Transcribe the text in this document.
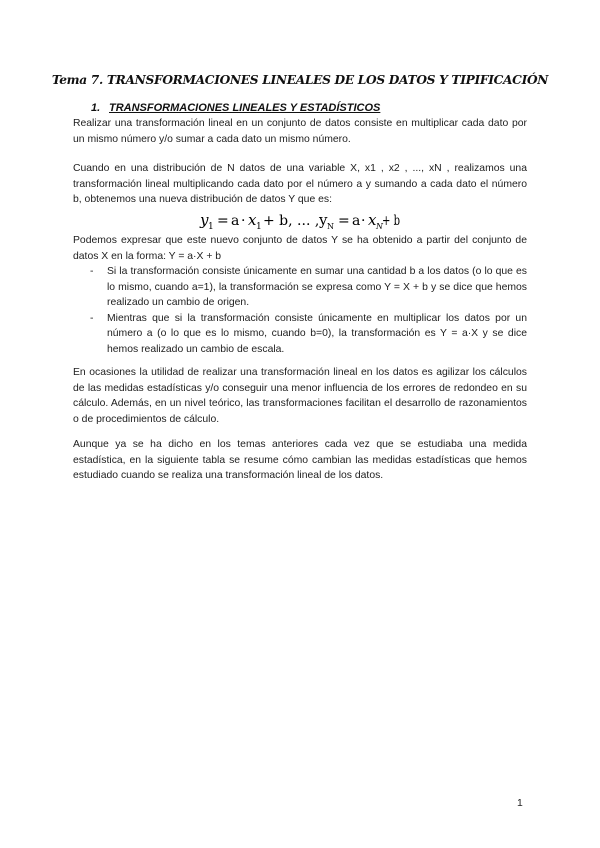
Tema 7. TRANSFORMACIONES LINEALES DE LOS DATOS Y TIPIFICACIÓN
1. TRANSFORMACIONES LINEALES Y ESTADÍSTICOS

Realizar una transformación lineal en un conjunto de datos consiste en multiplicar cada dato por un mismo número y/o sumar a cada dato un mismo número.

Cuando en una distribución de N datos de una variable X, x1 , x2 , ..., xN , realizamos una transformación lineal multiplicando cada dato por el número a y sumando a cada dato el número b, obtenemos una nueva distribución de datos Y que es:

y 1 = a · x 1 + b, ... , y N = a · x N + b

Podemos expresar que este nuevo conjunto de datos Y se ha obtenido a partir del conjunto de datos X en la forma: Y = a·X + b

- Si la transformación consiste únicamente en sumar una cantidad b a los datos (o lo que es lo mismo, cuando a=1), la transformación se expresa como Y = X + b y se dice que hemos realizado un cambio de origen.
- Mientras que si la transformación consiste únicamente en multiplicar los datos por un número a (o lo que es lo mismo, cuando b=0), la transformación es Y = a·X y se dice hemos realizado un cambio de escala.

En ocasiones la utilidad de realizar una transformación lineal en los datos es agilizar los cálculos de las medidas estadísticas y/o conseguir una menor influencia de los errores de redondeo en su cálculo. Además, en un nivel teórico, las transformaciones facilitan el desarrollo de razonamientos o de procedimientos de cálculo.

Aunque ya se ha dicho en los temas anteriores cada vez que se estudiaba una medida estadística, en la siguiente tabla se resume cómo cambian las medidas estadísticas que hemos estudiado cuando se realiza una transformación lineal de los datos.

1
